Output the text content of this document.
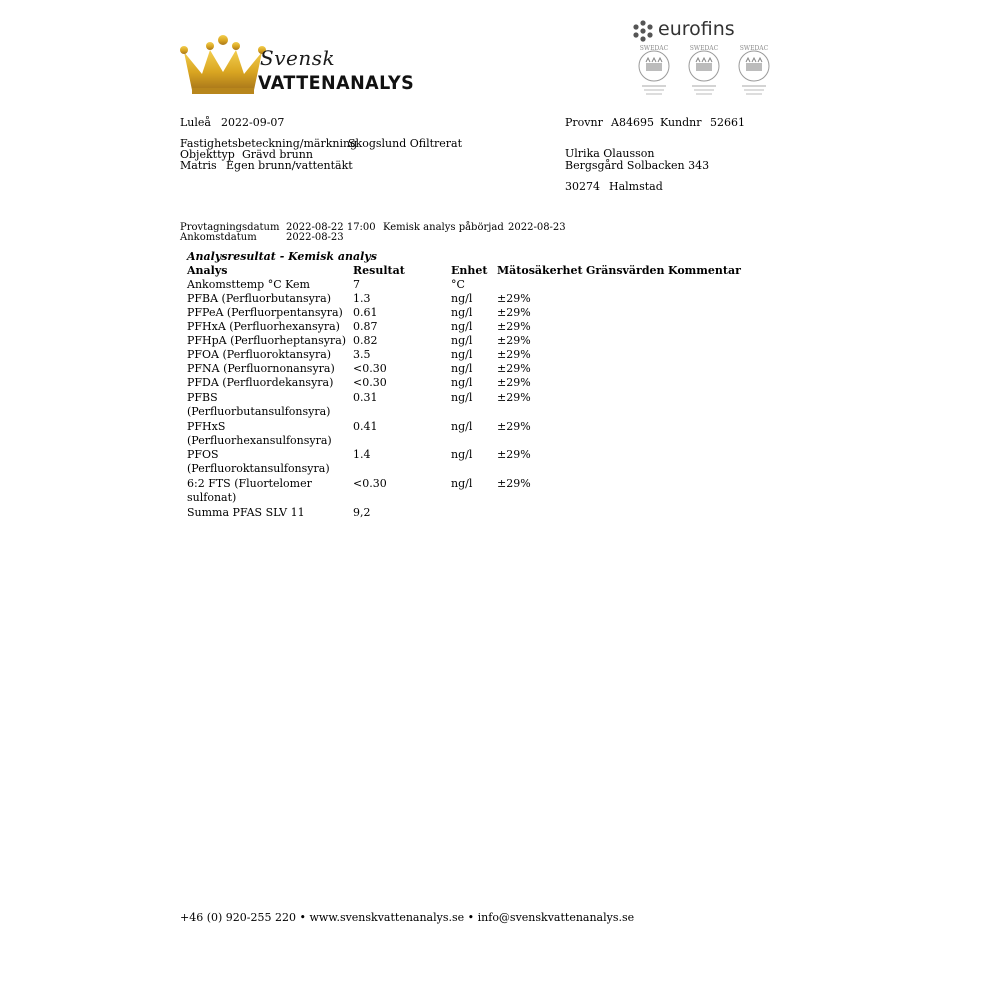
Svensk
VATTENANALYS
eurofins
SWEDAC	SWEDAC	SWEDAC
Luleå 2022-09-07	Provnr A84695 Kundnr 52661
Fastighetsbeteckning/märkning
Skogslund Ofiltrerat
Objekttyp Grävd brunn
Matris Egen brunn/vattentäkt
Ulrika Olausson
Bergsgård Solbacken 343
30274 Halmstad
Provtagningsdatum 2022-08-22 17:00 Kemisk analys påbörjad 2022-08-23
Ankomstdatum	2022-08-23
Analysresultat - Kemisk analys
Analys	Resultat	Enhet Mätosäkerhet Gränsvärden Kommentar
Ankomsttemp °C Kem	7	°C
PFBA (Perfluorbutansyra) 1.3	ng/l ±29%
PFPeA (Perfluorpentansyra) 0.61	ng/l ±29%
PFHxA (Perfluorhexansyra) 0.87	ng/l ±29%
PFHpA (Perfluorheptansyra) 0.82	ng/l ±29%
PFOA (Perfluoroktansyra) 3.5	ng/l ±29%
PFNA (Perfluornonansyra) <0.30	ng/l ±29%
PFDA (Perfluordekansyra) <0.30	ng/l ±29%
PFBS
(Perfluorbutansulfonsyra)
0.31	ng/l ±29%
PFHxS
(Perfluorhexansulfonsyra)
0.41	ng/l ±29%
PFOS
(Perfluoroktansulfonsyra)
1.4	ng/l ±29%
6:2 FTS (Fluortelomer
sulfonat)
<0.30	ng/l ±29%
Summa PFAS SLV 11	9,2
+46 (0) 920-255 220 • www.svenskvattenanalys.se • info@svenskvattenanalys.se
